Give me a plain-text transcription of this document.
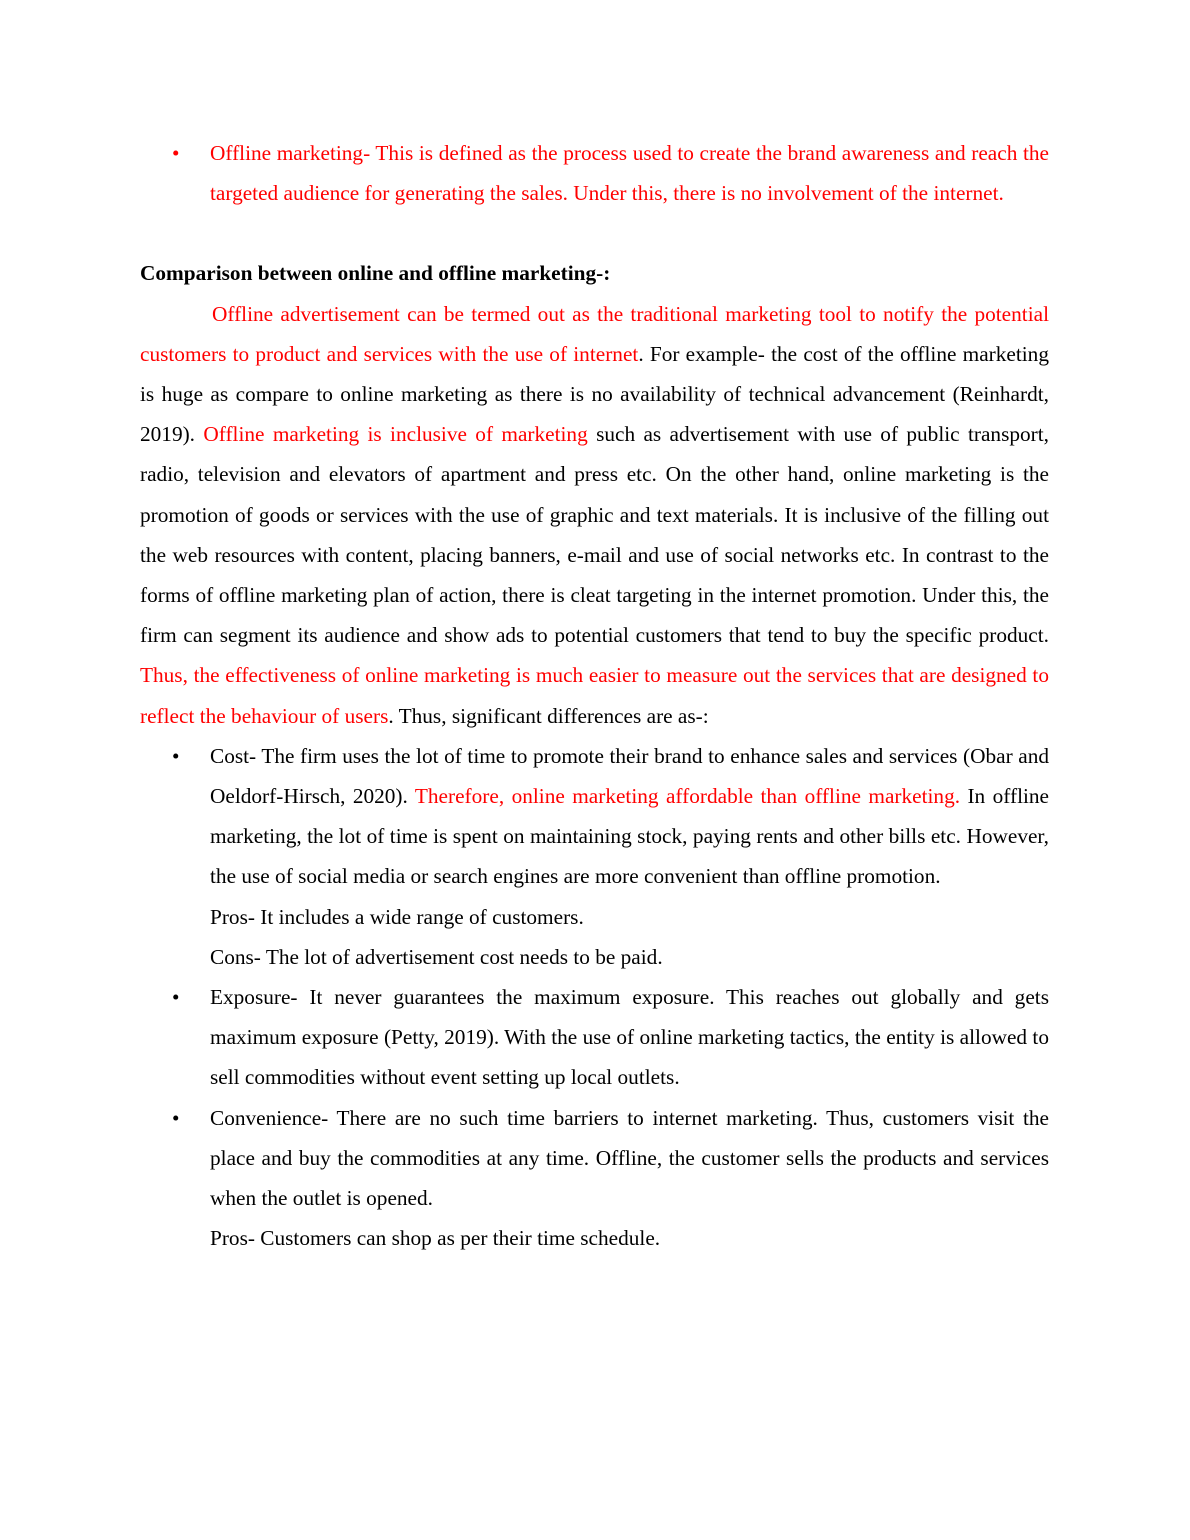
• Offline marketing- This is defined as the process used to create the brand awareness and reach the targeted audience for generating the sales. Under this, there is no involvement of the internet.

Comparison between online and offline marketing-:

Offline advertisement can be termed out as the traditional marketing tool to notify the potential customers to product and services with the use of internet. For example- the cost of the offline marketing is huge as compare to online marketing as there is no availability of technical advancement (Reinhardt, 2019). Offline marketing is inclusive of marketing such as advertisement with use of public transport, radio, television and elevators of apartment and press etc. On the other hand, online marketing is the promotion of goods or services with the use of graphic and text materials. It is inclusive of the filling out the web resources with content, placing banners, e-mail and use of social networks etc. In contrast to the forms of offline marketing plan of action, there is cleat targeting in the internet promotion. Under this, the firm can segment its audience and show ads to potential customers that tend to buy the specific product. Thus, the effectiveness of online marketing is much easier to measure out the services that are designed to reflect the behaviour of users. Thus, significant differences are as-:

• Cost- The firm uses the lot of time to promote their brand to enhance sales and services (Obar and Oeldorf-Hirsch, 2020). Therefore, online marketing affordable than offline marketing. In offline marketing, the lot of time is spent on maintaining stock, paying rents and other bills etc. However, the use of social media or search engines are more convenient than offline promotion.

Pros- It includes a wide range of customers.

Cons- The lot of advertisement cost needs to be paid.

• Exposure- It never guarantees the maximum exposure. This reaches out globally and gets maximum exposure (Petty, 2019). With the use of online marketing tactics, the entity is allowed to sell commodities without event setting up local outlets.

• Convenience- There are no such time barriers to internet marketing. Thus, customers visit the place and buy the commodities at any time. Offline, the customer sells the products and services when the outlet is opened.

Pros- Customers can shop as per their time schedule.
